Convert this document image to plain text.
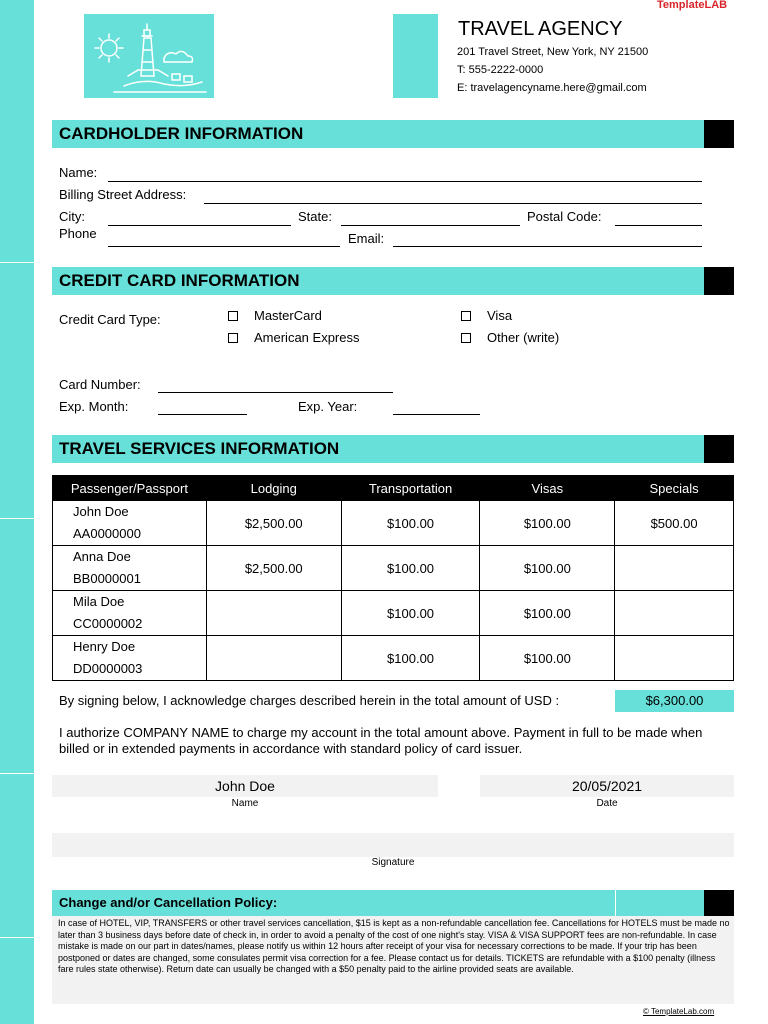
TemplateLAB
TRAVEL AGENCY
201 Travel Street, New York, NY 21500
T: 555-2222-0000
E: travelagencyname.here@gmail.com
CARDHOLDER INFORMATION
Name:
Billing Street Address:
City:	State:	Postal Code:
Phone	Email:
CREDIT CARD INFORMATION
Credit Card Type:	MasterCard
American Express
Visa
Other (write)
Card Number:
Exp. Month:	Exp. Year:
TRAVEL SERVICES INFORMATION
Passenger/Passport	Lodging	Transportation	Visas	Specials

John Doe
AA0000000	$2,500.00	$100.00	$100.00	$500.00

Anna Doe
BB0000001	$2,500.00	$100.00	$100.00	

Mila Doe
CC0000002		$100.00	$100.00	

Henry Doe
DD0000003		$100.00	$100.00	
By signing below, I acknowledge charges described herein in the total amount of USD :	$6,300.00
I authorize COMPANY NAME to charge my account in the total amount above. Payment in full to be made when billed or in extended payments in accordance with standard policy of card issuer.
John Doe
Name
20/05/2021
Date
Signature
Change and/or Cancellation Policy:
In case of HOTEL, VIP, TRANSFERS or other travel services cancellation, $15 is kept as a non-refundable cancellation fee. Cancellations for HOTELS must be made no later than 3 business days before date of check in, in order to avoid a penalty of the cost of one night's stay. VISA & VISA SUPPORT fees are non-refundable. In case mistake is made on our part in dates/names, please notify us within 12 hours after receipt of your visa for necessary corrections to be made. If your trip has been postponed or dates are changed, some consulates permit visa correction for a fee. Please contact us for details. TICKETS are refundable with a $100 penalty (illness fare rules state otherwise). Return date can usually be changed with a $50 penalty paid to the airline provided seats are available.
© TemplateLab.com
